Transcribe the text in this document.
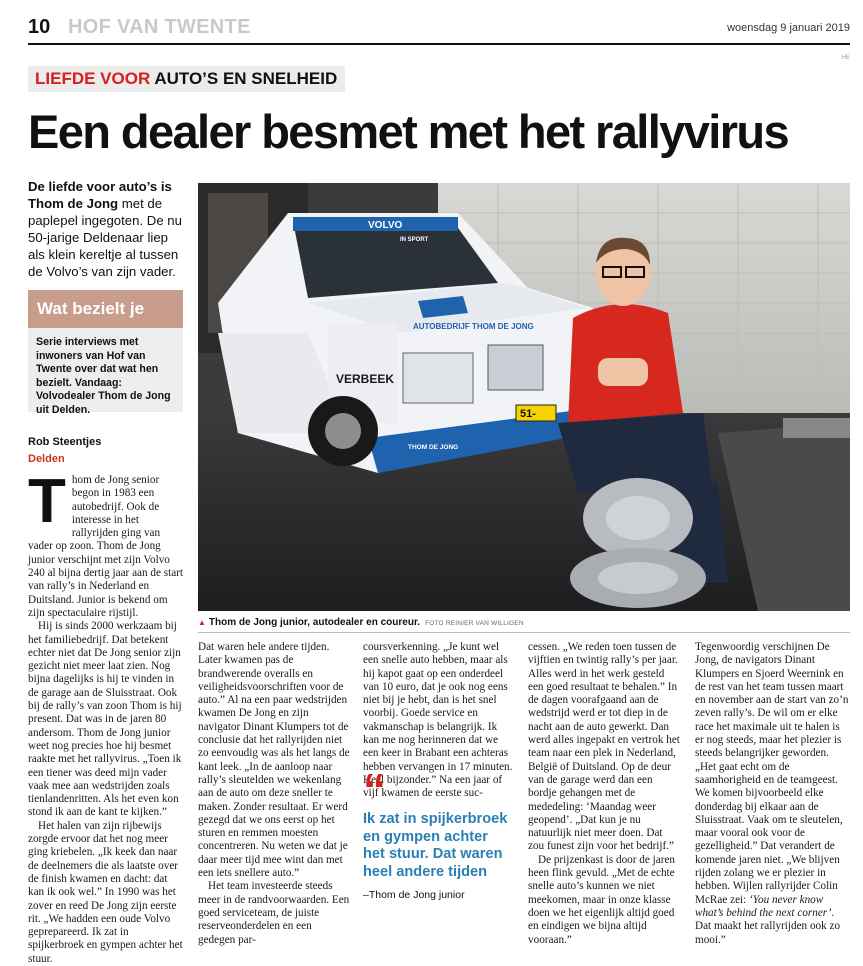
10 HOF VAN TWENTE	woensdag 9 januari 2019
HE
LIEFDE VOOR AUTO’S EN SNELHEID
Een dealer besmet met het rallyvirus
De liefde voor auto’s is Thom de Jong met de paplepel ingegoten. De nu 50-jarige Deldenaar liep als klein kereltje al tussen de Volvo’s van zijn vader.
Wat bezielt je
Serie interviews met inwoners van Hof van Twente over dat wat hen bezielt. Vandaag: Volvodealer Thom de Jong uit Delden.
Rob Steentjes
Delden
VOLVO
IN SPORT
AUTOBEDRIJF THOM DE JONG
VERBEEK
THOM DE JONG
51-
▲ Thom de Jong junior, autodealer en coureur. FOTO REINIER VAN WILLIGEN

Thom de Jong senior begon in 1983 een autobedrijf. Ook de interesse in het rallyrijden ging van vader op zoon. Thom de Jong junior verschijnt met zijn Volvo 240 al bijna dertig jaar aan de start van rally’s in Nederland en Duitsland. Junior is bekend om zijn spectaculaire rijstijl.

Hij is sinds 2000 werkzaam bij het familiebedrijf. Dat betekent echter niet dat De Jong senior zijn gezicht niet meer laat zien. Nog bijna dagelijks is hij te vinden in de garage aan de Sluisstraat. Ook bij de rally’s van zoon Thom is hij present. Dat was in de jaren 80 andersom. Thom de Jong junior weet nog precies hoe hij besmet raakte met het rallyvirus. „Toen ik een tiener was deed mijn vader vaak mee aan wedstrijden zoals tienlandenritten. Als het even kon stond ik aan de kant te kijken.”

Het halen van zijn rijbewijs zorgde ervoor dat het nog meer ging kriebelen. „Ik keek dan naar de deelnemers die als laatste over de finish kwamen en dacht: dat kan ik ook wel.” In 1990 was het zover en reed De Jong zijn eerste rit. „We hadden een oude Volvo geprepareerd. Ik zat in spijkerbroek en gympen achter het stuur.

Dat waren hele andere tijden. Later kwamen pas de brandwerende overalls en veiligheidsvoorschriften voor de auto.” Al na een paar wedstrijden kwamen De Jong en zijn navigator Dinant Klumpers tot de conclusie dat het rallyrijden niet zo eenvoudig was als het langs de kant leek. „In de aanloop naar rally’s sleutelden we wekenlang aan de auto om deze sneller te maken. Zonder resultaat. Er werd gezegd dat we ons eerst op het sturen en remmen moesten concentreren. Nu weten we dat je daar meer tijd mee wint dan met een iets snellere auto.”

Het team investeerde steeds meer in de randvoorwaarden. Een goed serviceteam, de juiste reserveonderdelen en een gedegen par-

coursverkenning. „Je kunt wel een snelle auto hebben, maar als hij kapot gaat op een onderdeel van 10 euro, dat je ook nog eens niet bij je hebt, dan is het snel voorbij. Goede service en vakmanschap is belangrijk. Ik kan me nog herinneren dat we een keer in Brabant een achteras hebben vervangen in 17 minuten. Heel bijzonder.” Na een jaar of vijf kwamen de eerste suc-

“
Ik zat in spijkerbroek en gympen achter het stuur. Dat waren heel andere tijden
–Thom de Jong junior

cessen. „We reden toen tussen de vijftien en twintig rally’s per jaar. Alles werd in het werk gesteld een goed resultaat te behalen.” In de dagen voorafgaand aan de wedstrijd werd er tot diep in de nacht aan de auto gewerkt. Dan werd alles ingepakt en vertrok het team naar een plek in Nederland, België of Duitsland. Op de deur van de garage werd dan een bordje gehangen met de mededeling: ‘Maandag weer geopend’. „Dat kun je nu natuurlijk niet meer doen. Dat zou funest zijn voor het bedrijf.”

De prijzenkast is door de jaren heen flink gevuld. „Met de echte snelle auto’s kunnen we niet meekomen, maar in onze klasse doen we het eigenlijk altijd goed en eindigen we bijna altijd vooraan.”

Tegenwoordig verschijnen De Jong, de navigators Dinant Klumpers en Sjoerd Weernink en de rest van het team tussen maart en november aan de start van zo’n zeven rally’s. De wil om er elke race het maximale uit te halen is er nog steeds, maar het plezier is steeds belangrijker geworden. „Het gaat echt om de saamhorigheid en de teamgeest. We komen bijvoorbeeld elke donderdag bij elkaar aan de Sluisstraat. Vaak om te sleutelen, maar vooral ook voor de gezelligheid.” Dat verandert de komende jaren niet. „We blijven rijden zolang we er plezier in hebben. Wijlen rallyrijder Colin McRae zei: ‘You never know what’s behind the next corner’. Dat maakt het rallyrijden ook zo mooi.”
